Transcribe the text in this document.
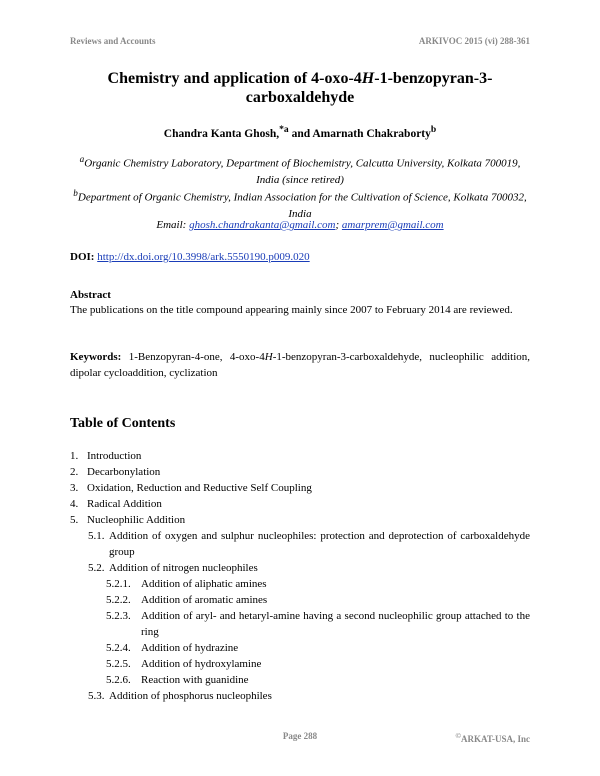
Reviews and Accounts	ARKIVOC 2015 (vi) 288-361
Chemistry and application of 4-oxo-4H-1-benzopyran-3-carboxaldehyde
Chandra Kanta Ghosh,$^{*a}$ and Amarnath Chakraborty$^b$
$^a$Organic Chemistry Laboratory, Department of Biochemistry, Calcutta University, Kolkata 700019, India (since retired)
$^b$Department of Organic Chemistry, Indian Association for the Cultivation of Science, Kolkata 700032, India
Email: ghosh.chandrakanta@gmail.com; amarprem@gmail.com
DOI: http://dx.doi.org/10.3998/ark.5550190.p009.020
Abstract
The publications on the title compound appearing mainly since 2007 to February 2014 are reviewed.
Keywords: 1-Benzopyran-4-one, 4-oxo-4H-1-benzopyran-3-carboxaldehyde, nucleophilic addition, dipolar cycloaddition, cyclization
Table of Contents
1. Introduction
2. Decarbonylation
3. Oxidation, Reduction and Reductive Self Coupling
4. Radical Addition
5. Nucleophilic Addition
5.1. Addition of oxygen and sulphur nucleophiles: protection and deprotection of carboxaldehyde group
5.2. Addition of nitrogen nucleophiles
5.2.1. Addition of aliphatic amines
5.2.2. Addition of aromatic amines
5.2.3. Addition of aryl- and hetaryl-amine having a second nucleophilic group attached to the ring
5.2.4. Addition of hydrazine
5.2.5. Addition of hydroxylamine
5.2.6. Reaction with guanidine
5.3. Addition of phosphorus nucleophiles
Page 288	©ARKAT-USA, Inc
